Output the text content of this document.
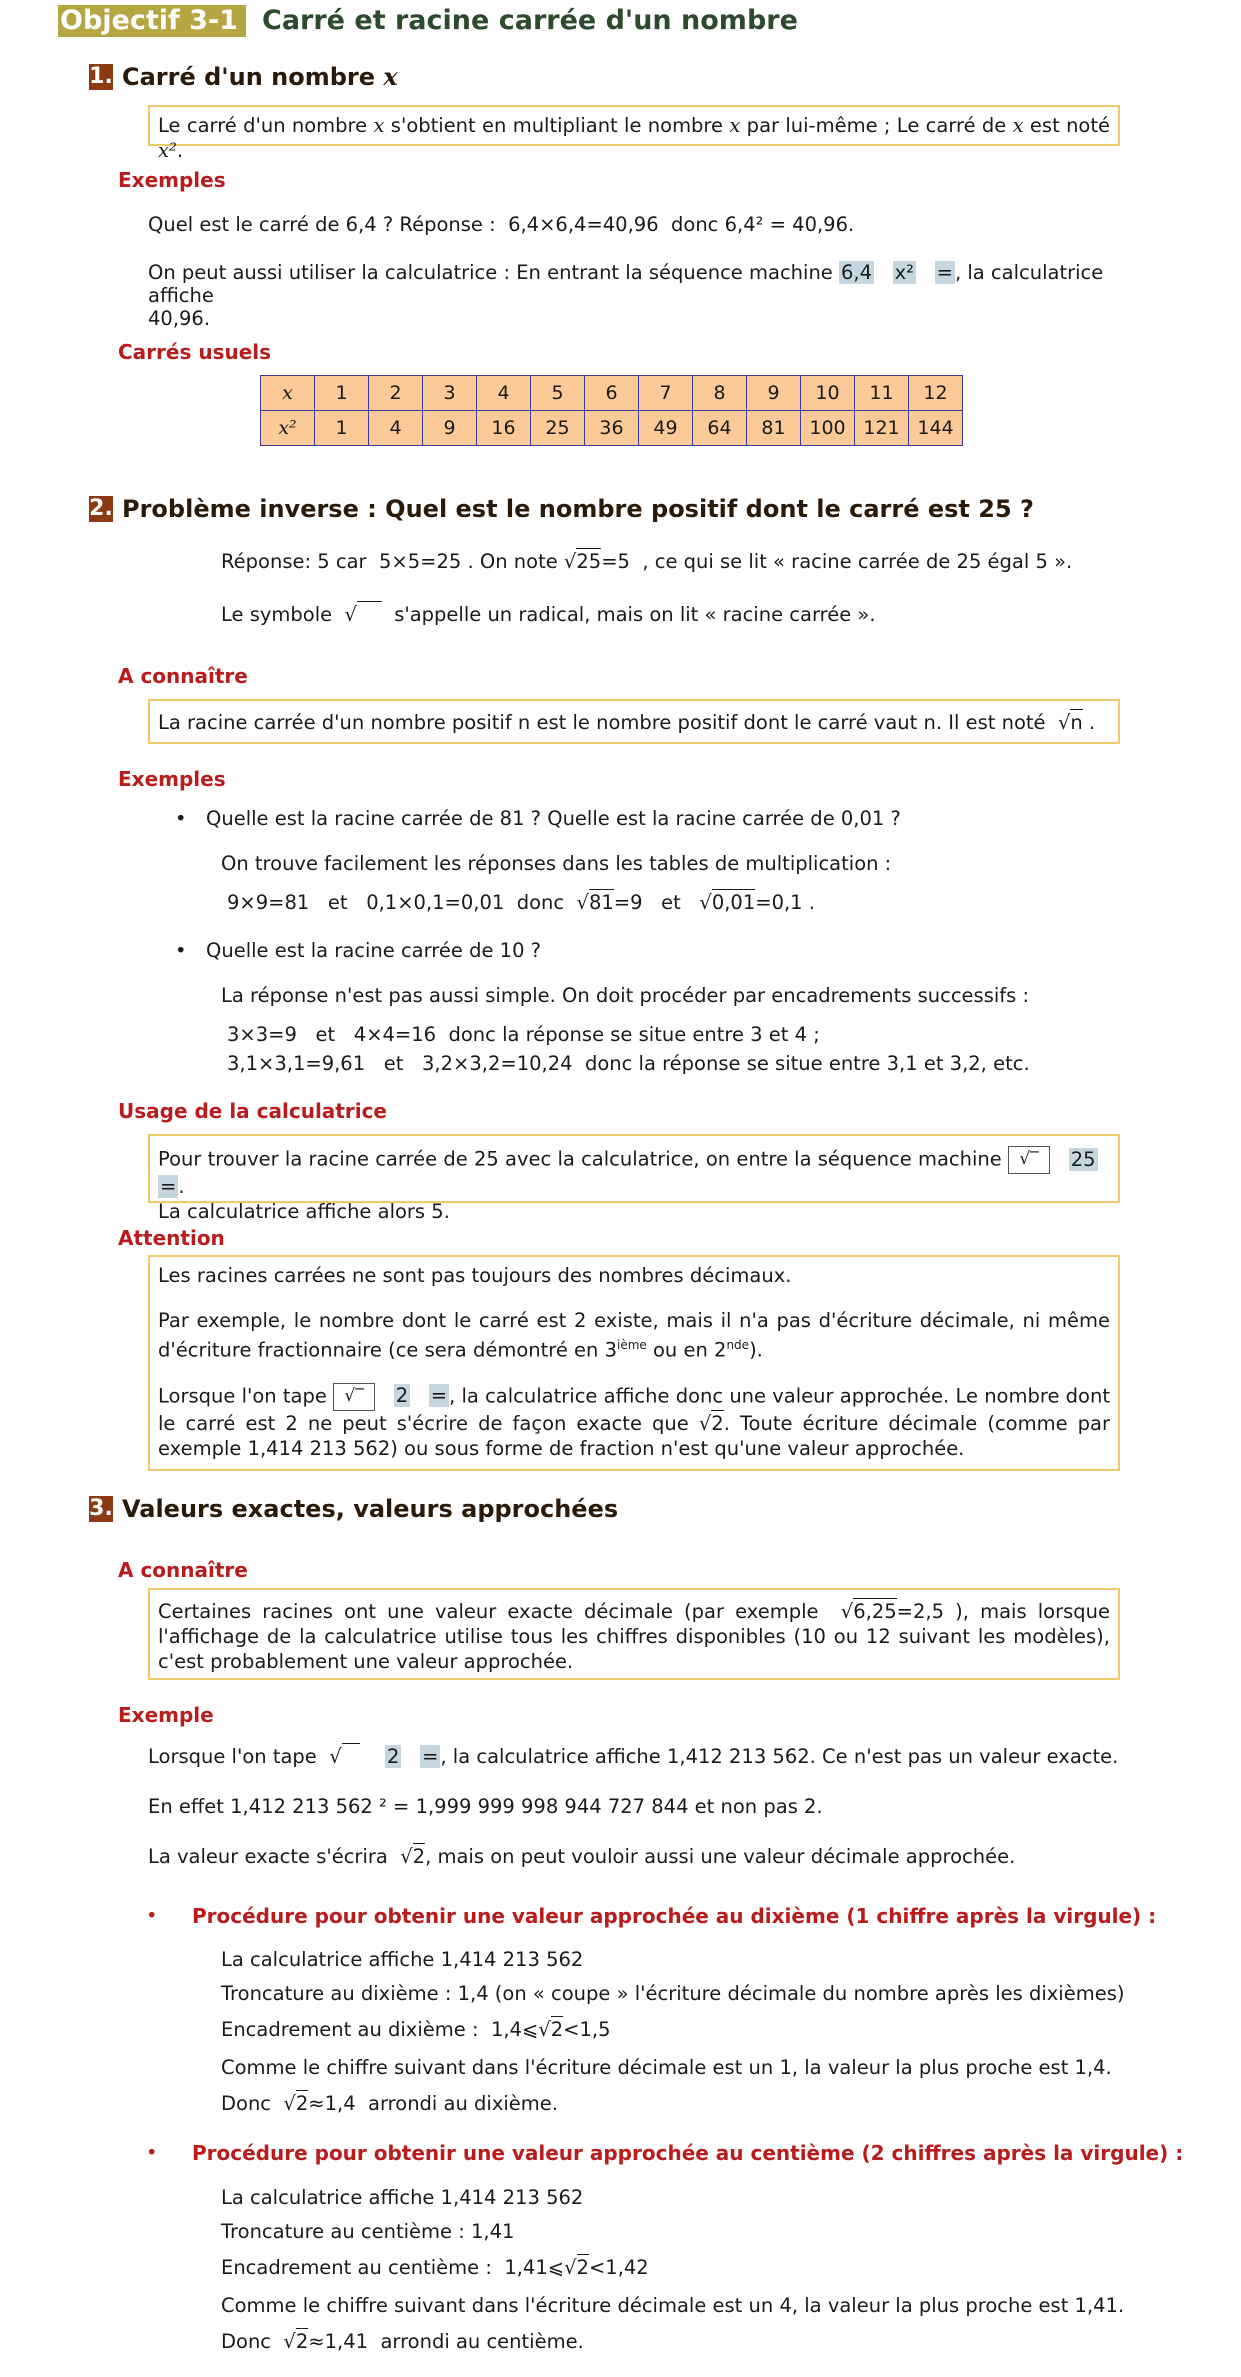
Objectif 3-1 Carré et racine carrée d'un nombre
1. Carré d'un nombre x
Le carré d'un nombre x s'obtient en multipliant le nombre x par lui-même ; Le carré de x est noté x².
Exemples
Quel est le carré de 6,4 ? Réponse : 6,4×6,4=40,96 donc 6,4² = 40,96.
On peut aussi utiliser la calculatrice : En entrant la séquence machine 6,4 x² = , la calculatrice affiche
40,96.
Carrés usuels
x	1	2	3	4	5	6	7	8	9	10	11	12
x²	1	4	9	16	25	36	49	64	81	100	121	144
2. Problème inverse : Quel est le nombre positif dont le carré est 25 ?
Réponse: 5 car 5×5=25 . On note √25=5 , ce qui se lit « racine carrée de 25 égal 5 ».
Le symbole √ s'appelle un radical, mais on lit « racine carrée ».
A connaître
La racine carrée d'un nombre positif n est le nombre positif dont le carré vaut n. Il est noté  √n .
Exemples
• Quelle est la racine carrée de 81 ? Quelle est la racine carrée de 0,01 ?
On trouve facilement les réponses dans les tables de multiplication :
9×9=81 et 0,1×0,1=0,01 donc  √81=9 et   √0,01=0,1 .
• Quelle est la racine carrée de 10 ?
La réponse n'est pas aussi simple. On doit procéder par encadrements successifs :
3×3=9 et 4×4=16 donc la réponse se situe entre 3 et 4 ;
3,1×3,1=9,61 et 3,2×3,2=10,24 donc la réponse se situe entre 3,1 et 3,2, etc.
Usage de la calculatrice
Pour trouver la racine carrée de 25 avec la calculatrice, on entre la séquence machine √‾ 25   = .
La calculatrice affiche alors 5.
Attention
Les racines carrées ne sont pas toujours des nombres décimaux.
Par exemple, le nombre dont le carré est 2 existe, mais il n'a pas d'écriture décimale, ni même d'écriture fractionnaire (ce sera démontré en 3ième ou en 2nde).
Lorsque l'on tape √‾ 2 = , la calculatrice affiche donc une valeur approchée. Le nombre dont le carré est 2 ne peut s'écrire de façon exacte que √2. Toute écriture décimale (comme par exemple 1,414 213 562) ou sous forme de fraction n'est qu'une valeur approchée.
3. Valeurs exactes, valeurs approchées
A connaître
Certaines racines ont une valeur exacte décimale (par exemple  √6,25=2,5 ), mais lorsque l'affichage de la calculatrice utilise tous les chiffres disponibles (10 ou 12 suivant les modèles), c'est probablement une valeur approchée.
Exemple
Lorsque l'on tape  √ 2 = , la calculatrice affiche 1,412 213 562. Ce n'est pas un valeur exacte.
En effet 1,412 213 562 ² = 1,999 999 998 944 727 844 et non pas 2.
La valeur exacte s'écrira  √2, mais on peut vouloir aussi une valeur décimale approchée.
• Procédure pour obtenir une valeur approchée au dixième (1 chiffre après la virgule) :
La calculatrice affiche 1,414 213 562
Troncature au dixième : 1,4 (on « coupe » l'écriture décimale du nombre après les dixièmes)
Encadrement au dixième : 1,4⩽√2<1,5
Comme le chiffre suivant dans l'écriture décimale est un 1, la valeur la plus proche est 1,4.
Donc  √2≈1,4 arrondi au dixième.
• Procédure pour obtenir une valeur approchée au centième (2 chiffres après la virgule) :
La calculatrice affiche 1,414 213 562
Troncature au centième : 1,41
Encadrement au centième : 1,41⩽√2<1,42
Comme le chiffre suivant dans l'écriture décimale est un 4, la valeur la plus proche est 1,41.
Donc  √2≈1,41 arrondi au centième.
